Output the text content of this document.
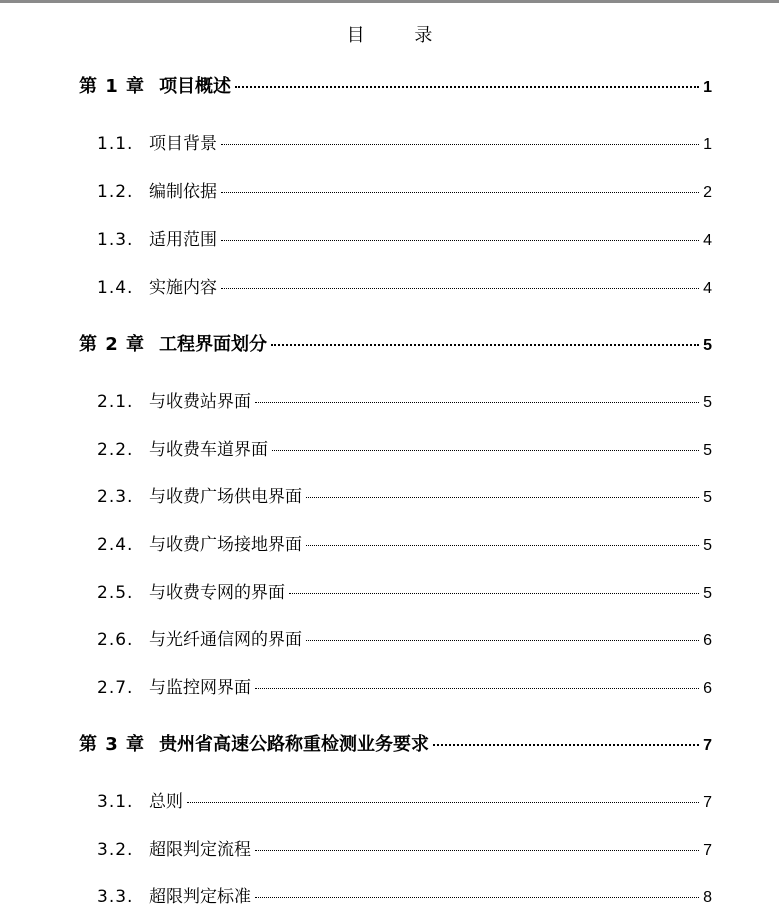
目 录
第 1 章 项目概述	1
1.1. 项目背景	1
1.2. 编制依据	2
1.3. 适用范围	4
1.4. 实施内容	4
第 2 章 工程界面划分	5
2.1. 与收费站界面	5
2.2. 与收费车道界面	5
2.3. 与收费广场供电界面	5
2.4. 与收费广场接地界面	5
2.5. 与收费专网的界面	5
2.6. 与光纤通信网的界面	6
2.7. 与监控网界面	6
第 3 章 贵州省高速公路称重检测业务要求	7
3.1. 总则	7
3.2. 超限判定流程	7
3.3. 超限判定标准	8
